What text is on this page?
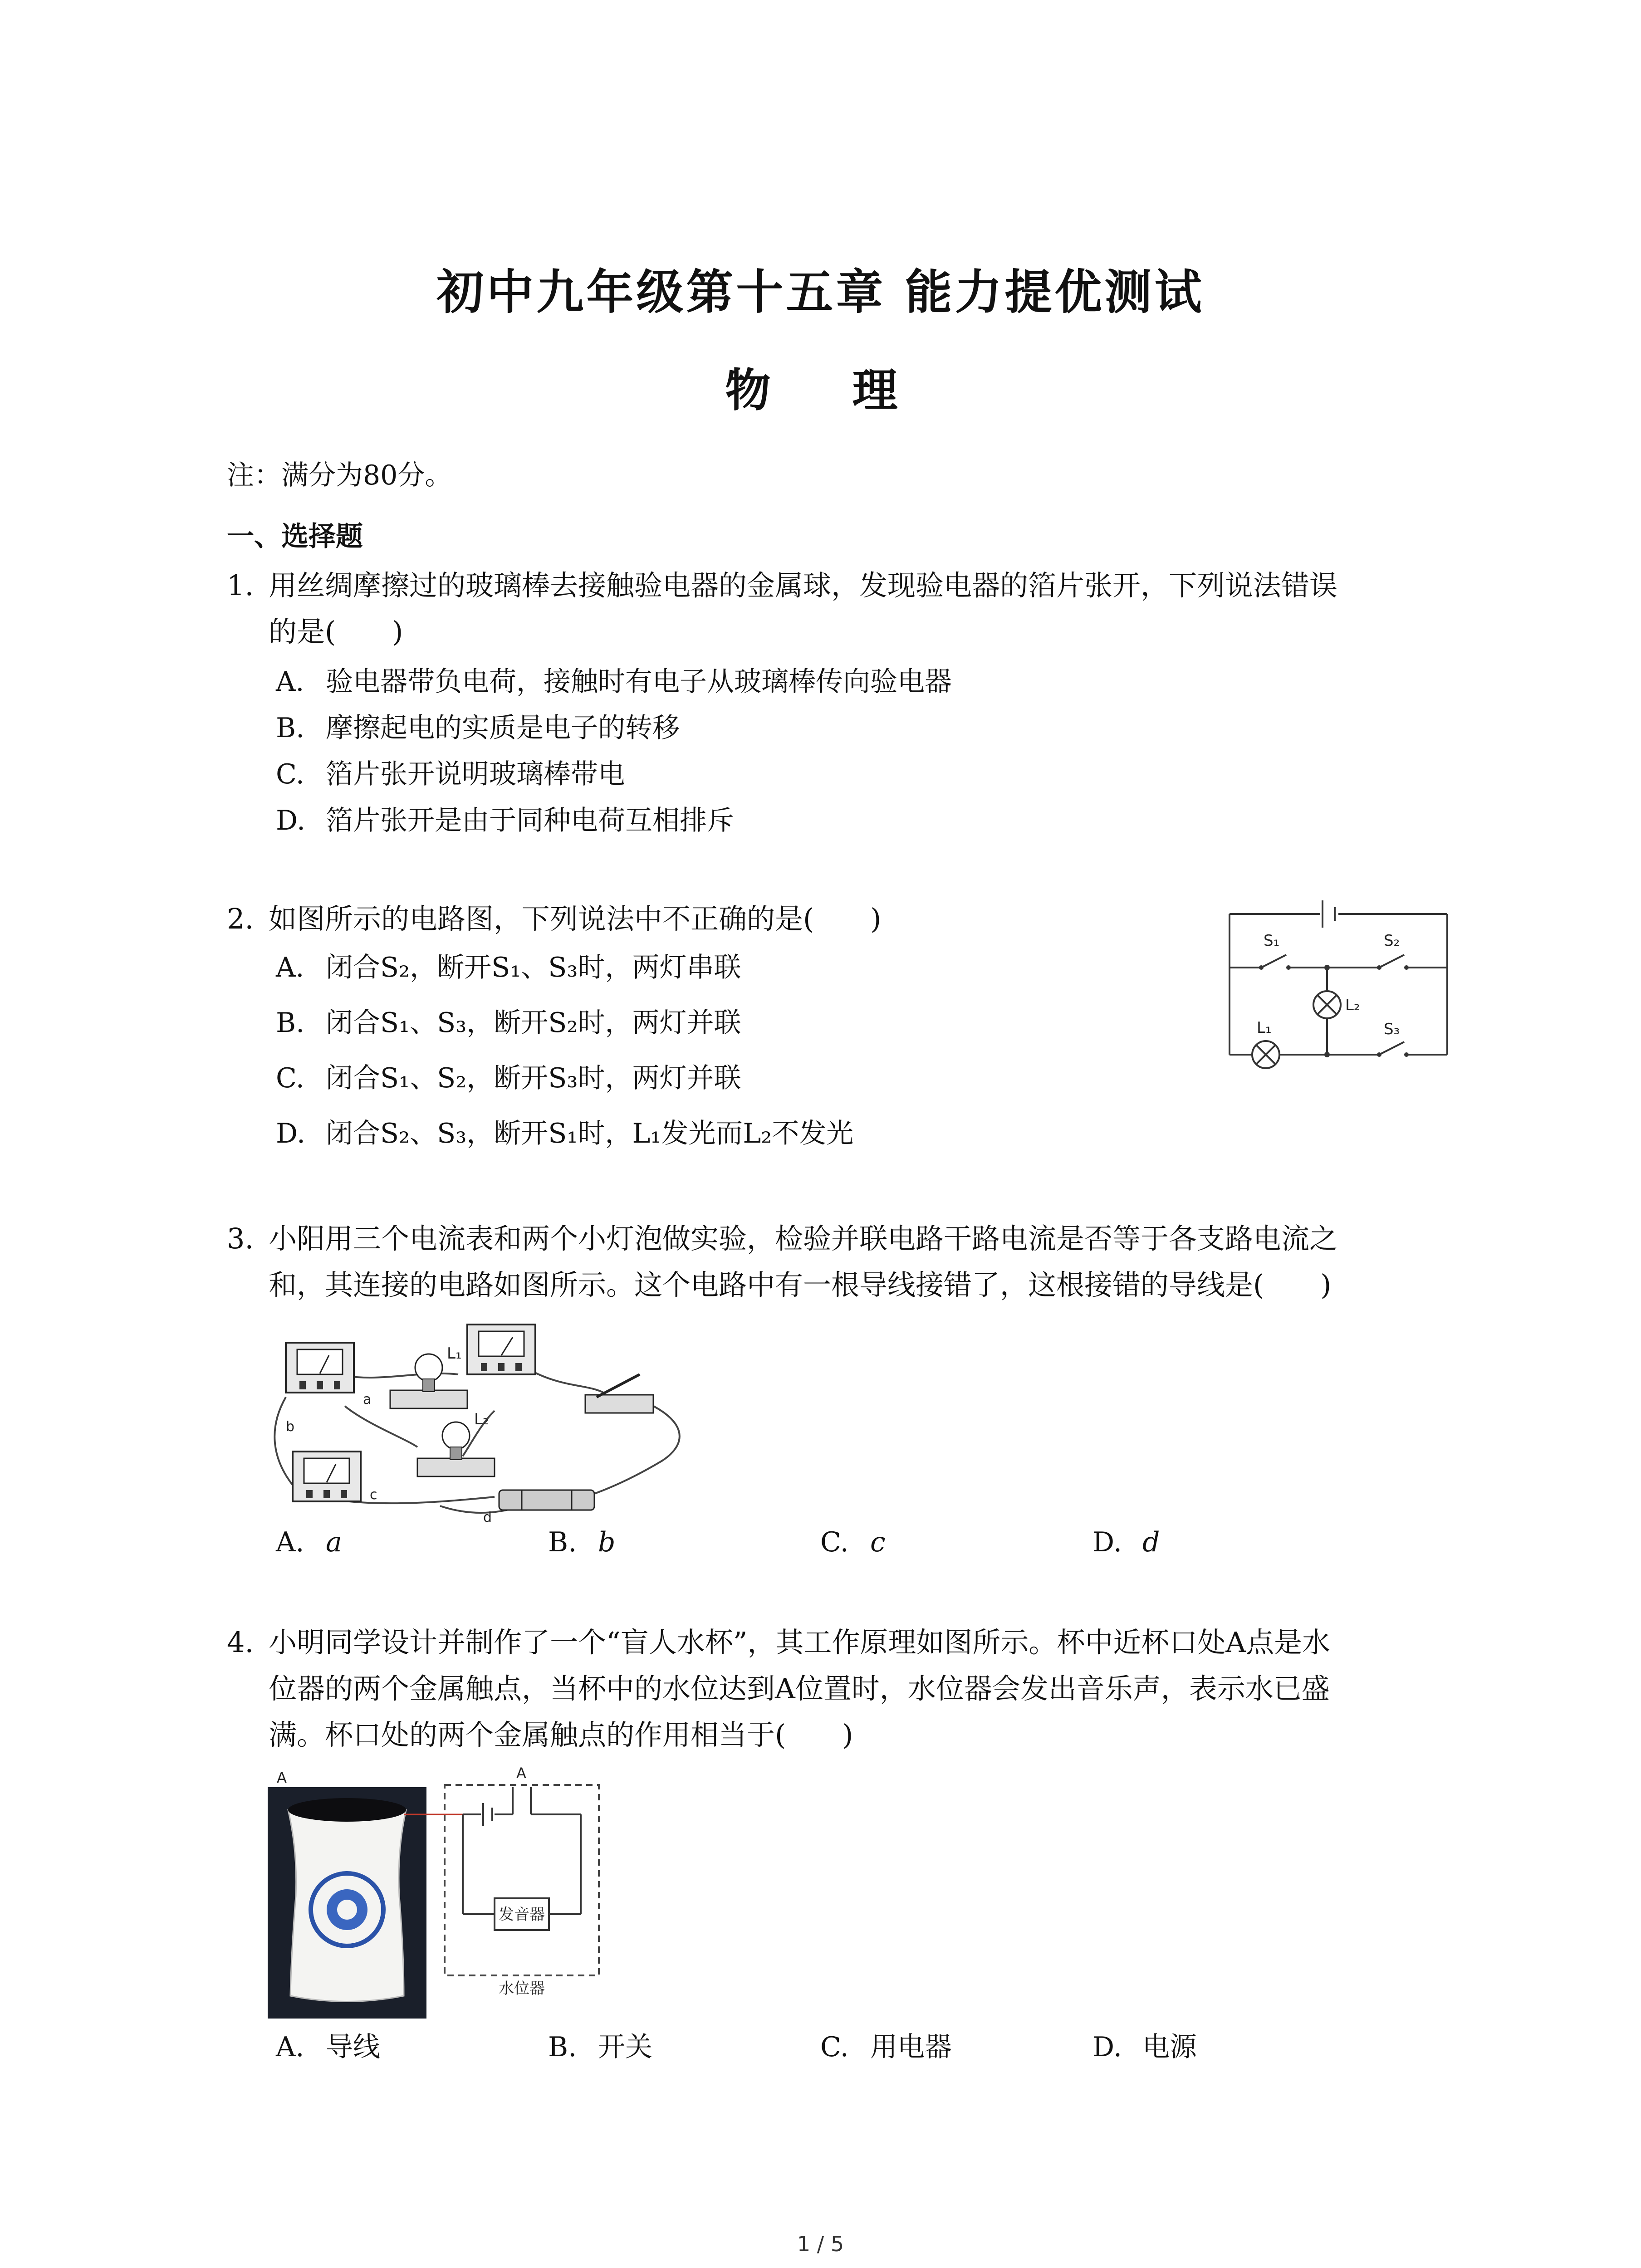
初中九年级第十五章 能力提优测试
物　理
注：满分为80分。
一、选择题
1. 用丝绸摩擦过的玻璃棒去接触验电器的金属球，发现验电器的箔片张开，下列说法错误
的是(　　)
A. 验电器带负电荷，接触时有电子从玻璃棒传向验电器
B. 摩擦起电的实质是电子的转移
C. 箔片张开说明玻璃棒带电
D. 箔片张开是由于同种电荷互相排斥
2. 如图所示的电路图，下列说法中不正确的是(　　)
A. 闭合S₂，断开S₁、S₃时，两灯串联
B. 闭合S₁、S₃，断开S₂时，两灯并联
C. 闭合S₁、S₂，断开S₃时，两灯并联
D. 闭合S₂、S₃，断开S₁时，L₁发光而L₂不发光
S₁	S₂
S₃
L₁
L₂
3. 小阳用三个电流表和两个小灯泡做实验，检验并联电路干路电流是否等于各支路电流之
和，其连接的电路如图所示。这个电路中有一根导线接错了，这根接错的导线是(　　)
L₁
L₂
a
b
c
d
A. a	B. b	C. c	D. d
4. 小明同学设计并制作了一个“盲人水杯”，其工作原理如图所示。杯中近杯口处A点是水
位器的两个金属触点，当杯中的水位达到A位置时，水位器会发出音乐声，表示水已盛
满。杯口处的两个金属触点的作用相当于(　　)
A
发音器
A
水位器
A. 导线	B. 开关	C. 用电器	D. 电源
1 / 5
